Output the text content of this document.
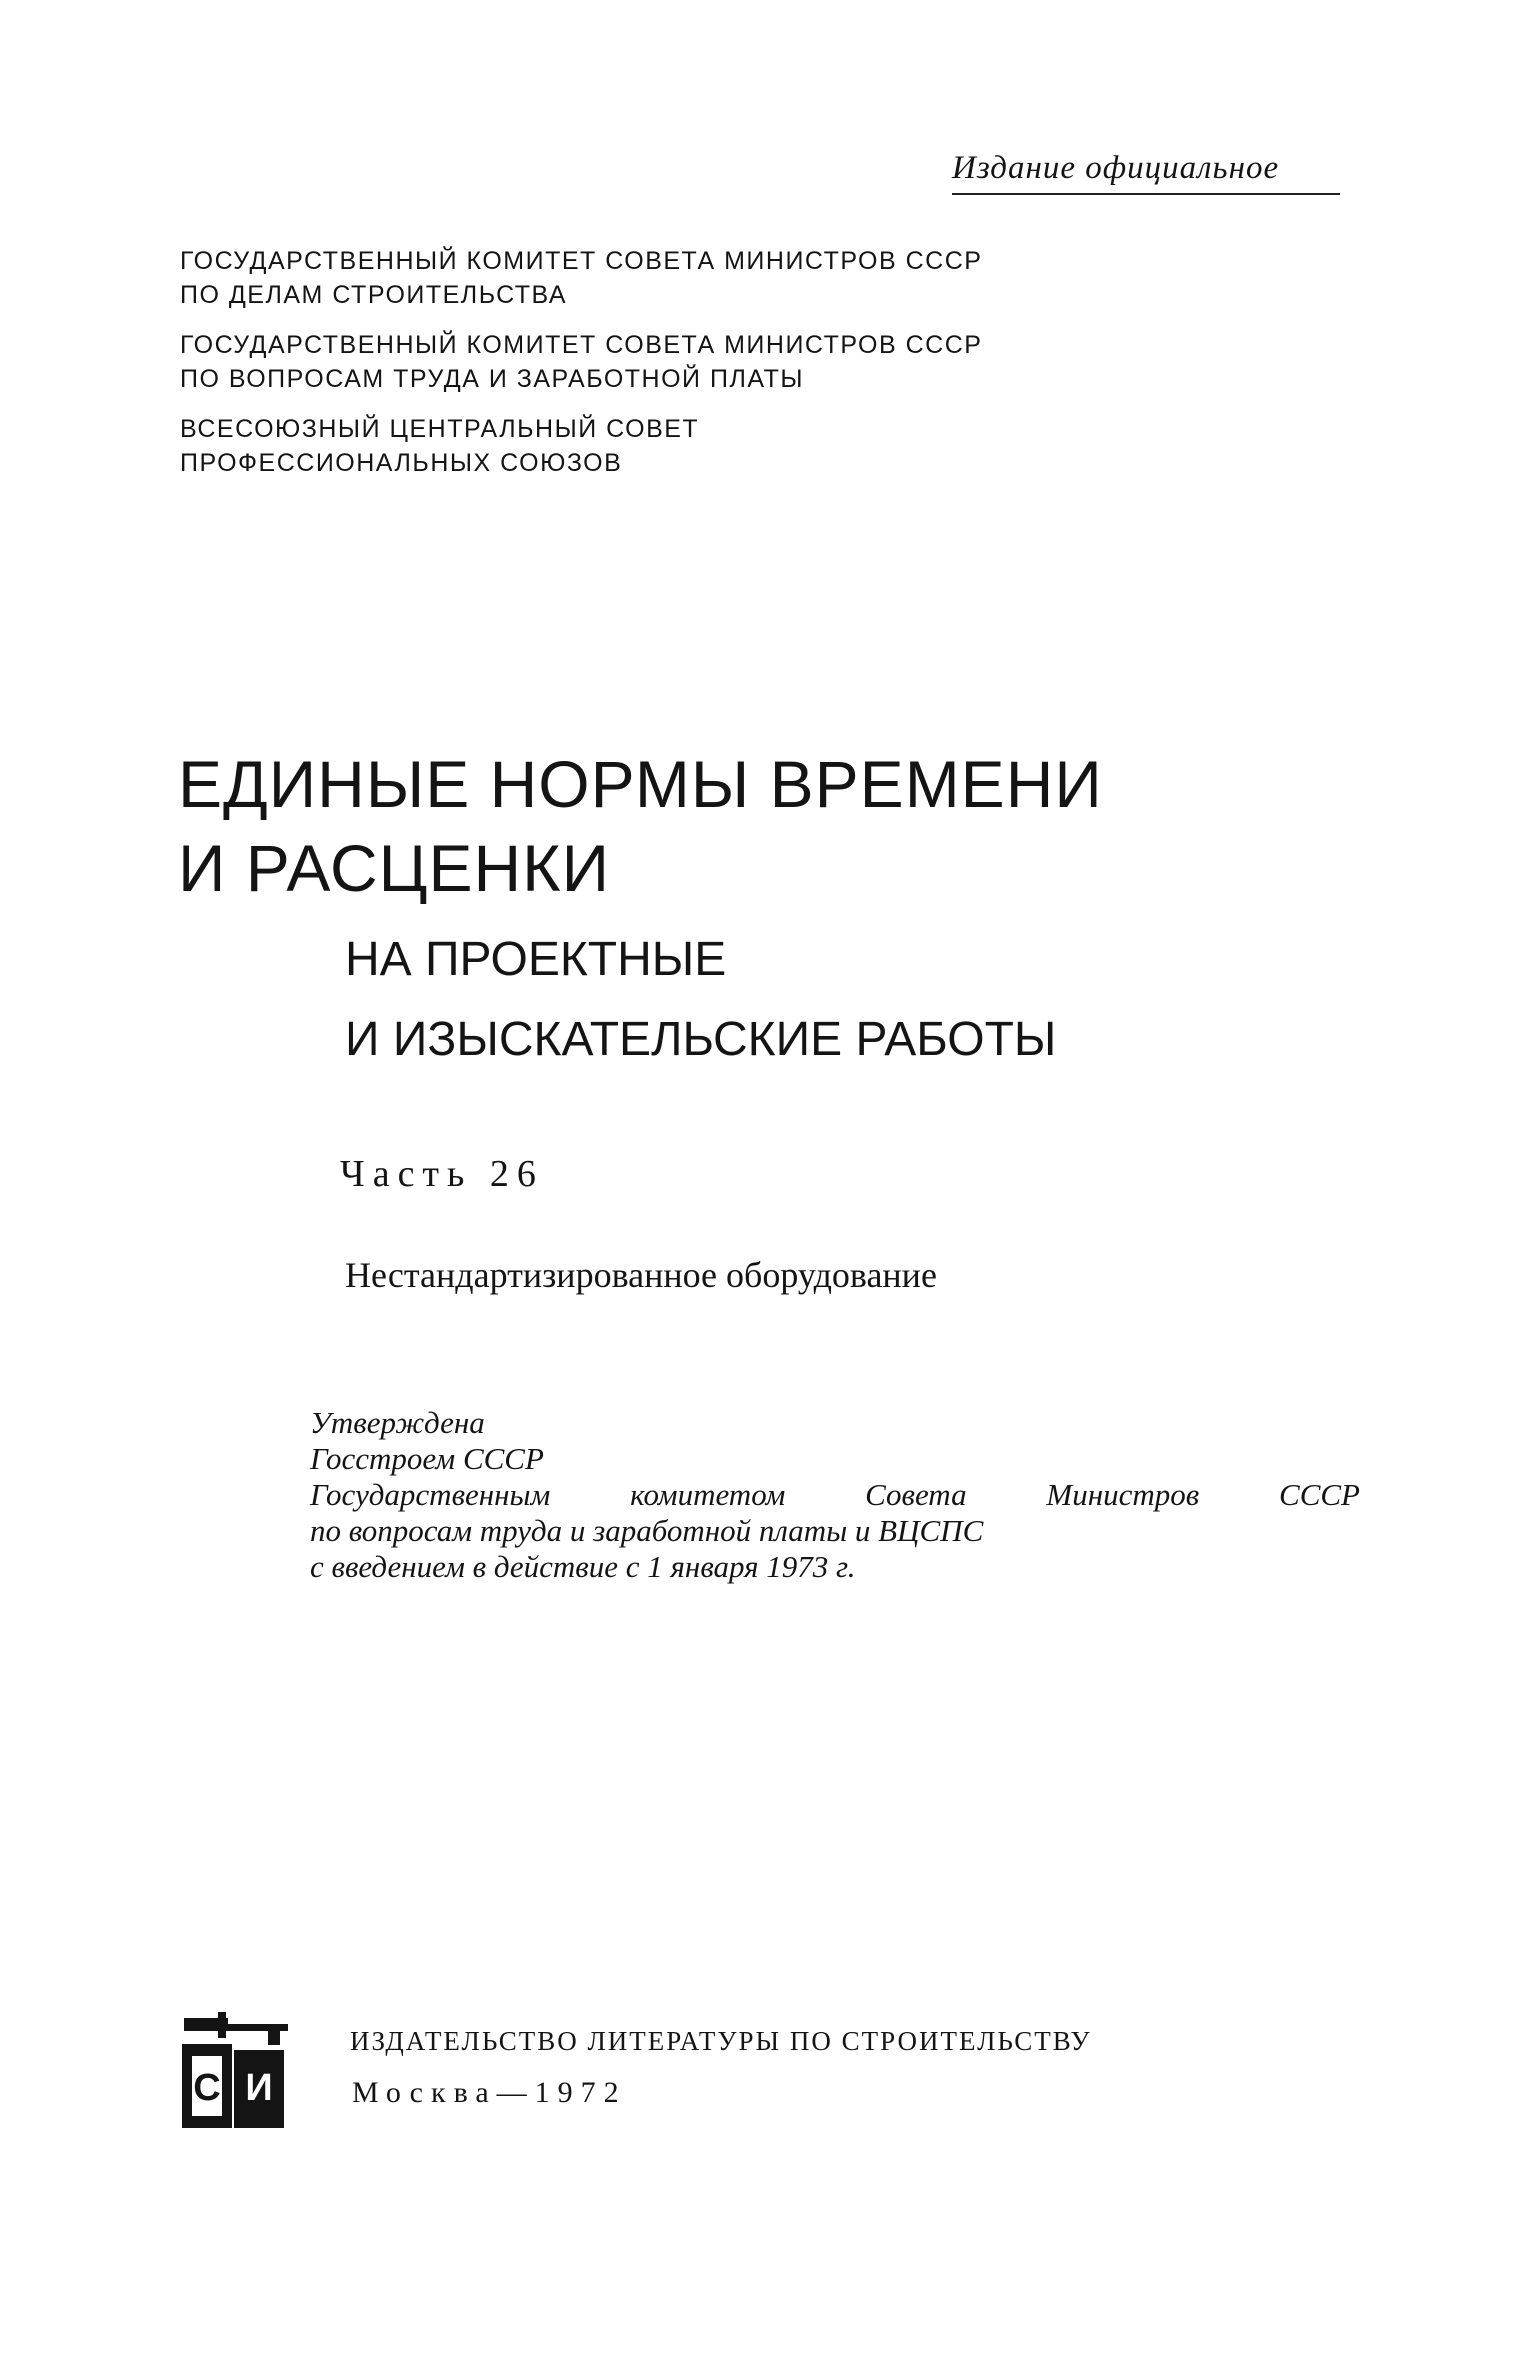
Издание официальное
ГОСУДАРСТВЕННЫЙ КОМИТЕТ СОВЕТА МИНИСТРОВ СССР
ПО ДЕЛАМ СТРОИТЕЛЬСТВА
ГОСУДАРСТВЕННЫЙ КОМИТЕТ СОВЕТА МИНИСТРОВ СССР
ПО ВОПРОСАМ ТРУДА И ЗАРАБОТНОЙ ПЛАТЫ
ВСЕСОЮЗНЫЙ ЦЕНТРАЛЬНЫЙ СОВЕТ
ПРОФЕССИОНАЛЬНЫХ СОЮЗОВ
ЕДИНЫЕ НОРМЫ ВРЕМЕНИ
И РАСЦЕНКИ
НА ПРОЕКТНЫЕ
И ИЗЫСКАТЕЛЬСКИЕ РАБОТЫ
Часть 26
Нестандартизированное оборудование
Утверждена
Госстроем СССР
Государственным	комитетом	Совета	Министров	СССР
по вопросам труда и заработной платы и ВЦСПС
с введением в действие с 1 января 1973 г.
С И
ИЗДАТЕЛЬСТВО ЛИТЕРАТУРЫ ПО СТРОИТЕЛЬСТВУ
Москва—1972
